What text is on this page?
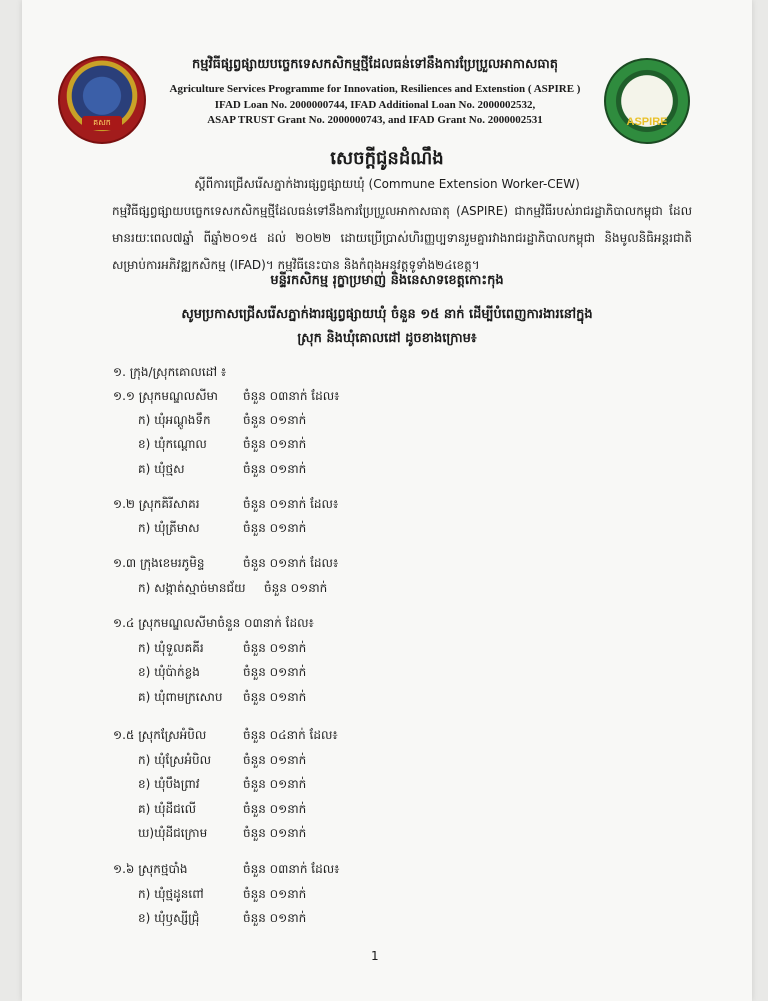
គសក	ASPIRE
កម្មវិធីផ្សព្វផ្សាយបច្ចេកទេសកសិកម្មថ្មីដែលធន់ទៅនឹងការប្រែប្រួលអាកាសធាតុ
Agriculture Services Programme for Innovation, Resiliences and Extenstion ( ASPIRE )
IFAD Loan No. 2000000744, IFAD Additional Loan No. 2000002532,
ASAP TRUST Grant No. 2000000743, and IFAD Grant No. 2000002531
សេចក្តីជូនដំណឹង
ស្តីពីការជ្រើសរើសភ្នាក់ងារផ្សព្វផ្សាយឃុំ (Commune Extension Worker-CEW)
កម្មវិធីផ្សព្វផ្សាយបច្ចេកទេសកសិកម្មថ្មីដែលធន់ទៅនឹងការប្រែប្រួលអាកាសធាតុ (ASPIRE) ជាកម្មវិធីរបស់រាជរដ្ឋាភិបាលកម្ពុជា ដែលមានរយៈពេល៧ឆ្នាំ ពីឆ្នាំ២០១៥ ដល់ ២០២២ ដោយប្រើប្រាស់ហិរញ្ញប្បទានរួមគ្នារវាងរាជរដ្ឋាភិបាលកម្ពុជា និងមូលនិធិអន្តរជាតិសម្រាប់ការអភិវឌ្ឍកសិកម្ម (IFAD)។ កម្មវិធីនេះបាន និងកំពុងអនុវត្តទូទាំង២៤ខេត្ត។
មន្ទីរកសិកម្ម រុក្ខាប្រមាញ់ និងនេសាទខេត្តកោះកុង
សូមប្រកាសជ្រើសរើសភ្នាក់ងារផ្សព្វផ្សាយឃុំ ចំនួន ១៥ នាក់ ដើម្បីបំពេញការងារនៅក្នុង
ស្រុក និងឃុំគោលដៅ ដូចខាងក្រោម៖
១. ក្រុង/ស្រុកគោលដៅ ៖
១.១ ស្រុកមណ្ឌលសីមា ចំនួន ០៣នាក់ ដែល៖
ក) ឃុំអណ្តូងទឹក	ចំនួន ០១នាក់
ខ) ឃុំកណ្តោល	ចំនួន ០១នាក់
គ) ឃុំថ្មស	ចំនួន ០១នាក់
១.២ ស្រុកគិរីសាគរ	ចំនួន ០១នាក់ ដែល៖
ក) ឃុំត្រីមាស	ចំនួន ០១នាក់
១.៣ ក្រុងខេមរភូមិន្ទ	ចំនួន ០១នាក់ ដែល៖
ក) សង្កាត់ស្មាច់មានជ័យ ចំនួន ០១នាក់
១.៤ ស្រុកមណ្ឌលសីមាចំនួន ០៣នាក់ ដែល៖
ក) ឃុំទួលគគីរ	ចំនួន ០១នាក់
ខ) ឃុំប៉ាក់ខ្លង	ចំនួន ០១នាក់
គ) ឃុំពាមក្រសោប ចំនួន ០១នាក់
១.៥ ស្រុកស្រែអំបិល	ចំនួន ០៤នាក់ ដែល៖
ក) ឃុំស្រែអំបិល	ចំនួន ០១នាក់
ខ) ឃុំបឹងព្រាវ	ចំនួន ០១នាក់
គ) ឃុំដីជលើ	ចំនួន ០១នាក់
ឃ)ឃុំដីជក្រោម	ចំនួន ០១នាក់
១.៦ ស្រុកថ្មបាំង	ចំនួន ០៣នាក់ ដែល៖
ក) ឃុំថ្មដូនពៅ	ចំនួន ០១នាក់
ខ) ឃុំឫស្សីជ្រុំ	ចំនួន ០១នាក់
1
